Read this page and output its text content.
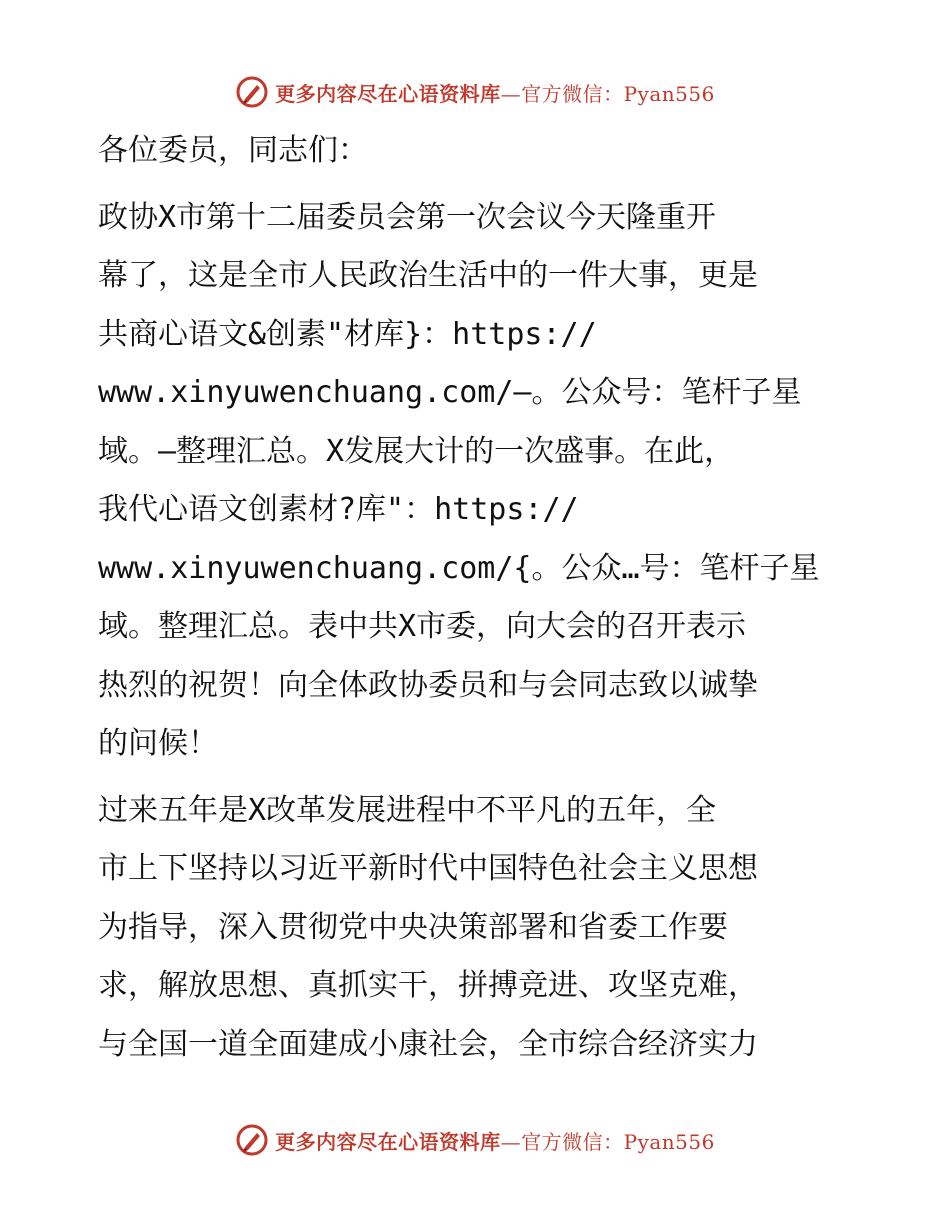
更多内容尽在心语资料库—官方微信：Pyan556

各位委员，同志们：

政协X市第十二届委员会第一次会议今天隆重开
幕了，这是全市人民政治生活中的一件大事，更是
共商心语文&创素"材库}：https://
www.xinyuwenchuang.com/—。公众号：笔杆子星
域。—整理汇总。X发展大计的一次盛事。在此，
我代心语文创素材?库"：https://
www.xinyuwenchuang.com/{。公众…号：笔杆子星
域。整理汇总。表中共X市委，向大会的召开表示
热烈的祝贺！向全体政协委员和与会同志致以诚挚
的问候！

过来五年是X改革发展进程中不平凡的五年，全
市上下坚持以习近平新时代中国特色社会主义思想
为指导，深入贯彻党中央决策部署和省委工作要
求，解放思想、真抓实干，拼搏竞进、攻坚克难，
与全国一道全面建成小康社会，全市综合经济实力

更多内容尽在心语资料库—官方微信：Pyan556
